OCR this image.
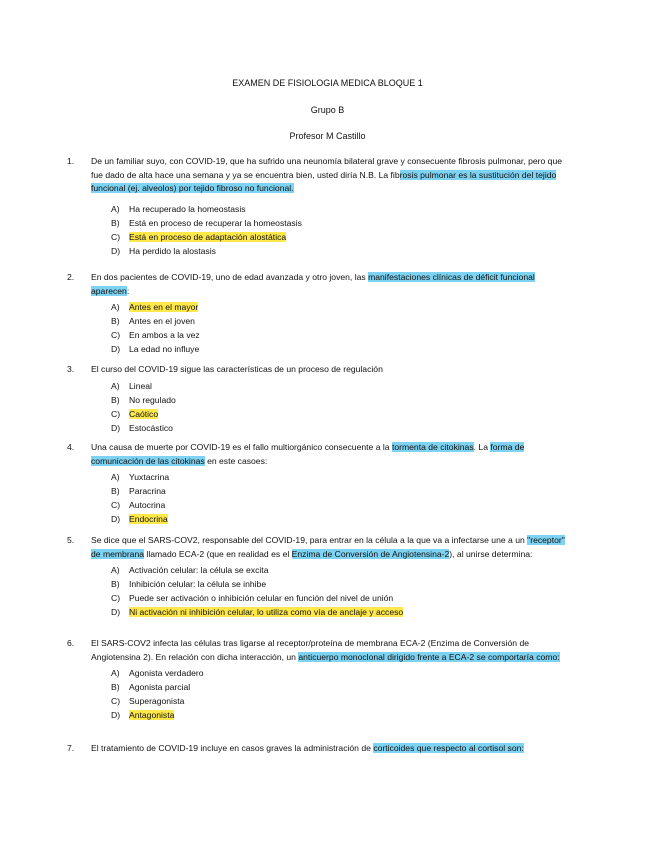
EXAMEN DE FISIOLOGIA MEDICA BLOQUE 1
Grupo B
Profesor M Castillo
1.	De un familiar suyo, con COVID-19, que ha sufrido una neunomía bilateral grave y consecuente fibrosis pulmonar, pero que fue dado de alta hace una semana y ya se encuentra bien, usted diría N.B. La fibrosis pulmonar es la sustitución del tejido funcional (ej. alveolos) por tejido fibroso no funcional.
A) Ha recuperado la homeostasis
B) Está en proceso de recuperar la homeostasis
C) Está en proceso de adaptación alostática
D) Ha perdido la alostasis
2.	En dos pacientes de COVID-19, uno de edad avanzada y otro joven, las manifestaciones clínicas de déficit funcional aparecen:
A) Antes en el mayor
B) Antes en el joven
C) En ambos a la vez
D) La edad no influye
3.	El curso del COVID-19 sigue las características de un proceso de regulación
A) Lineal
B) No regulado
C) Caótico
D) Estocástico
4.	Una causa de muerte por COVID-19 es el fallo multiorgánico consecuente a la tormenta de citokinas. La forma de comunicación de las citokinas en este casoes:
A) Yuxtacrina
B) Paracrina
C) Autocrina
D) Endocrina
5.	Se dice que el SARS-COV2, responsable del COVID-19, para entrar en la célula a la que va a infectarse une a un "receptor" de membrana llamado ECA-2 (que en realidad es el Enzima de Conversión de Angiotensina-2), al unirse determina:
A) Activación celular: la célula se excita
B) Inhibición celular: la célula se inhibe
C) Puede ser activación o inhibición celular en función del nivel de unión
D) Ni activación ni inhibición celular, lo utiliza como vía de anclaje y acceso
6.	El SARS-COV2 infecta las células tras ligarse al receptor/proteína de membrana ECA-2 (Enzima de Conversión de Angiotensina 2). En relación con dicha interacción, un anticuerpo monoclonal dirigido frente a ECA-2 se comportaría como:
A) Agonista verdadero
B) Agonista parcial
C) Superagonista
D) Antagonista
7.	El tratamiento de COVID-19 incluye en casos graves la administración de corticoides que respecto al cortisol son:
